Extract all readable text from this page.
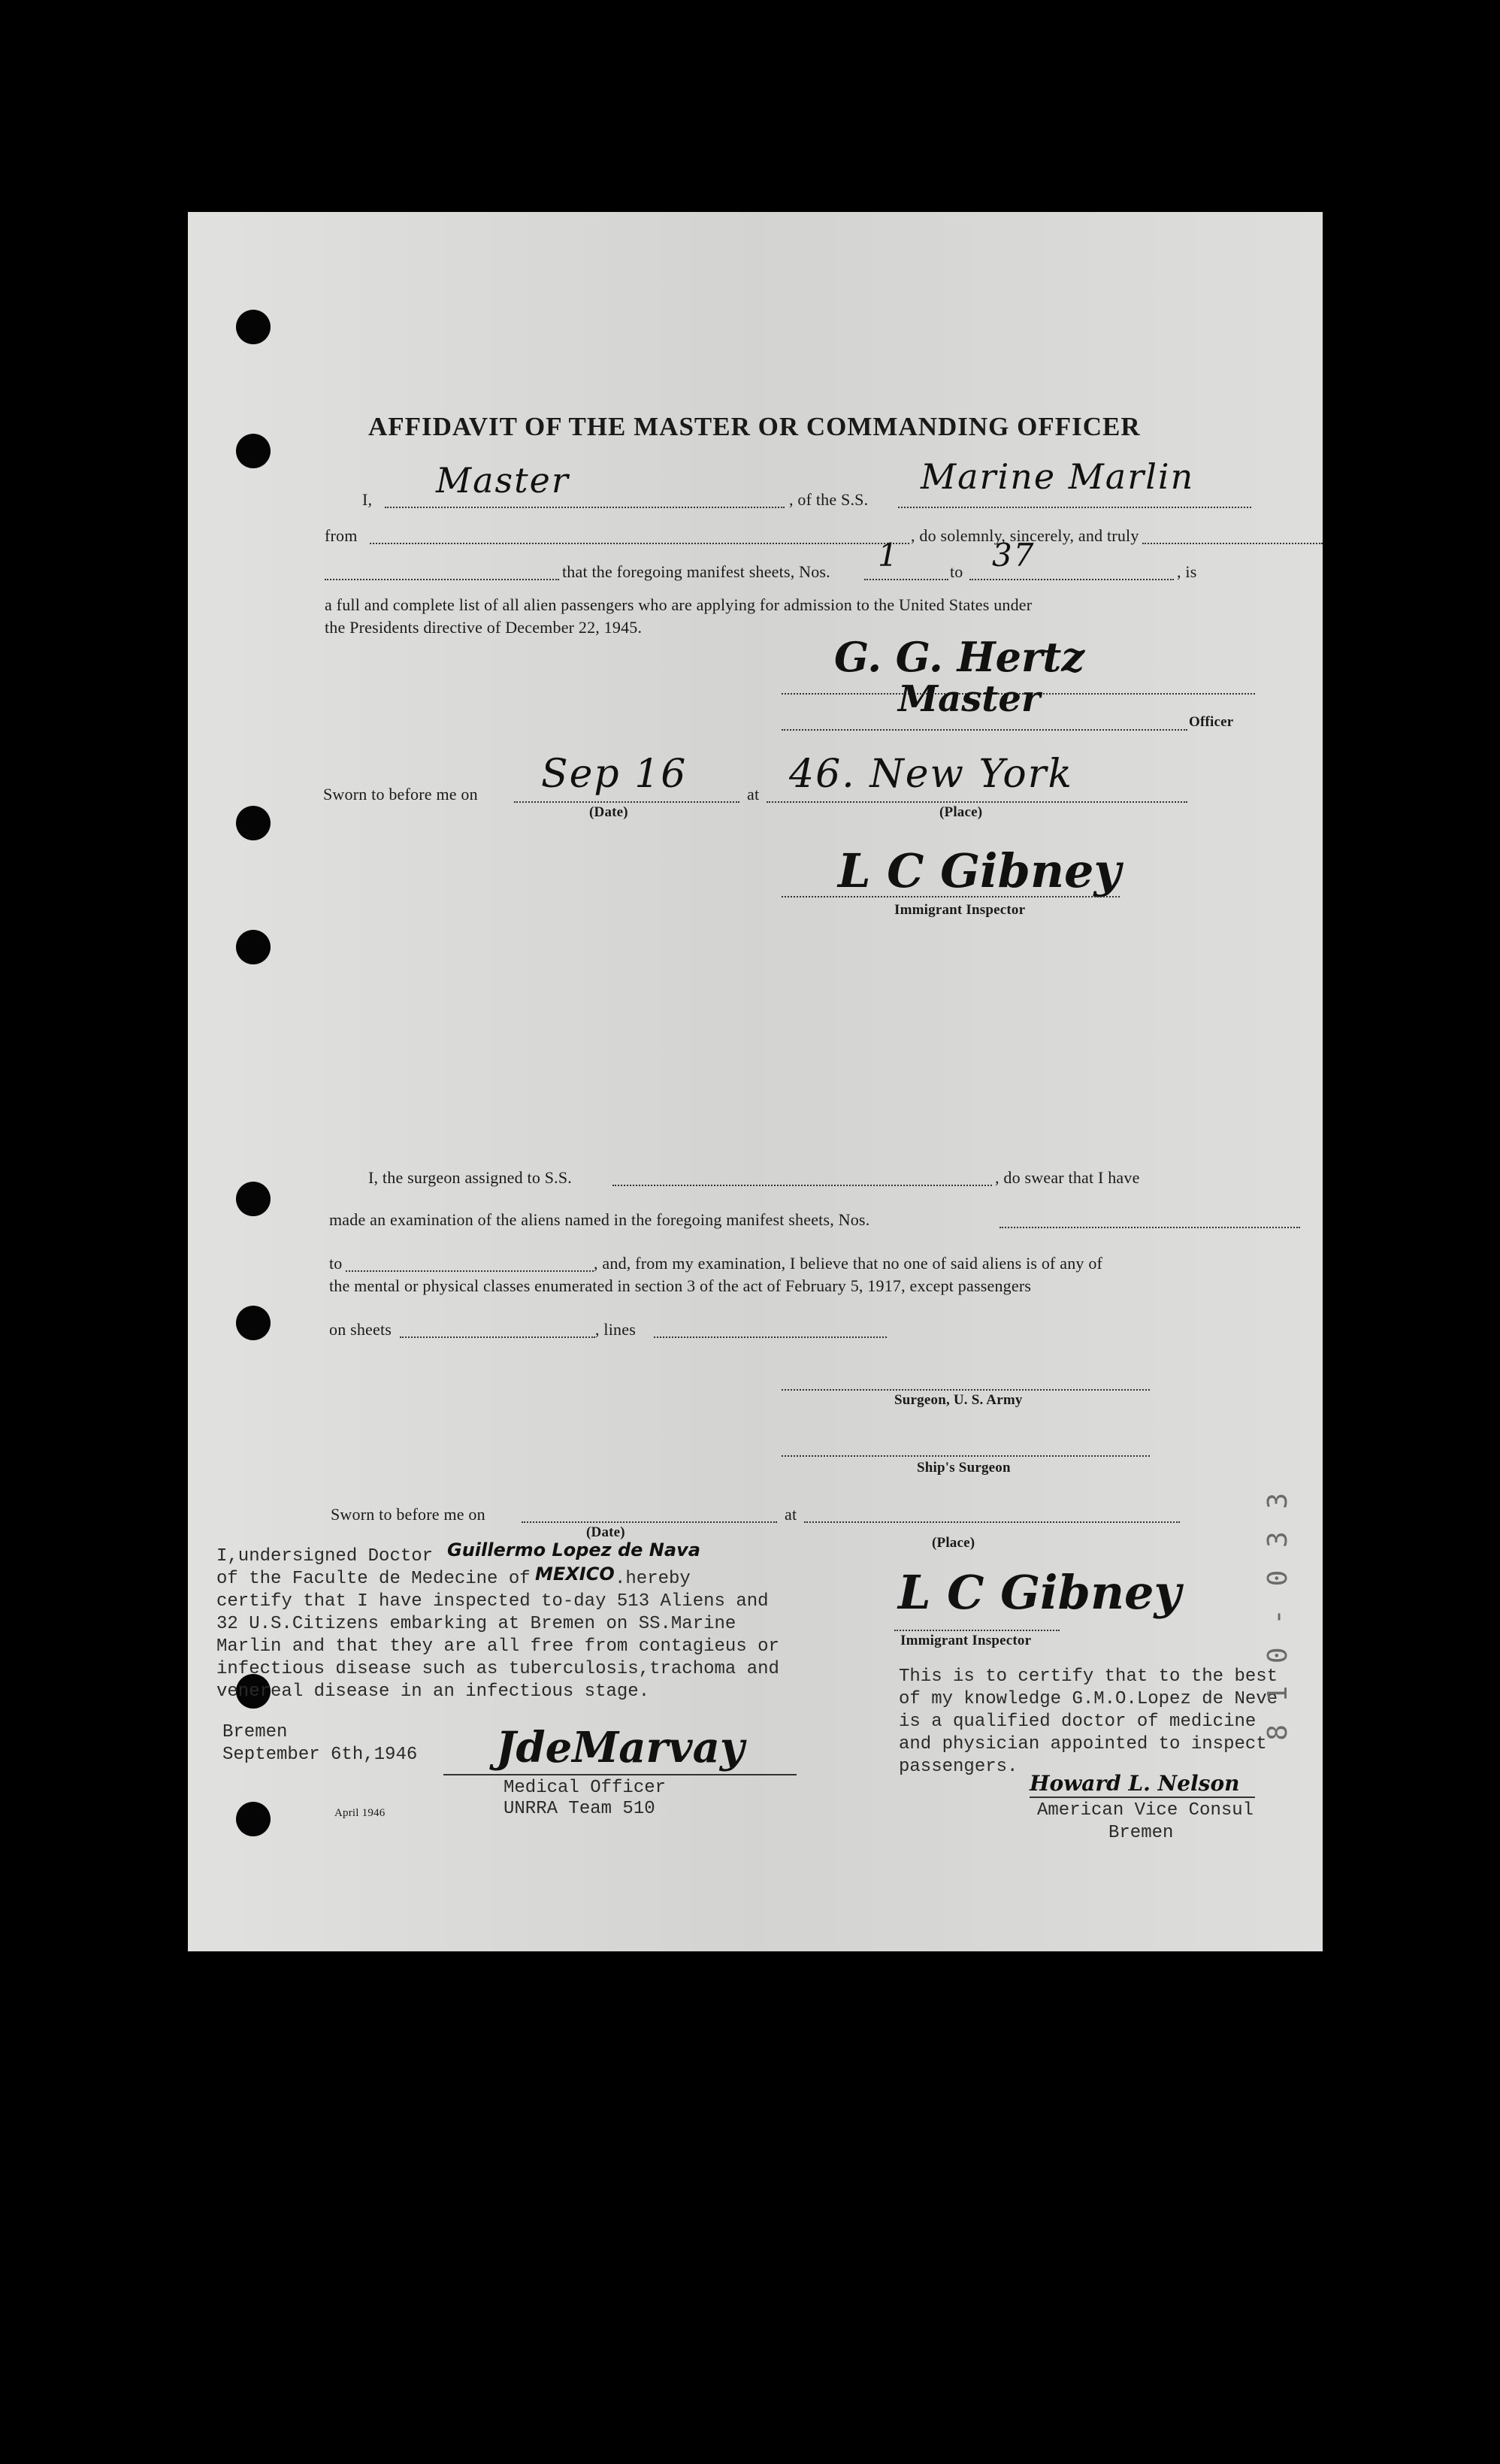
AFFIDAVIT OF THE MASTER OR COMMANDING OFFICER
I, Master	, of the S.S.
Marine Marlin
from	, do solemnly, sincerely, and truly
that the foregoing manifest sheets, Nos. 1	to 37	, is
a full and complete list of all alien passengers who are applying for admission to the United States under
the Presidents directive of December 22, 1945.
G. G. Hertz
Master
Officer
Sworn to before me on Sep 16
(Date)
at 46. New York
(Place)
L C Gibney
Immigrant Inspector
I, the surgeon assigned to S.S.	, do swear that I have
made an examination of the aliens named in the foregoing manifest sheets, Nos.
to	, and, from my examination, I believe that no one of said aliens is of any of
the mental or physical classes enumerated in section 3 of the act of February 5, 1917, except passengers
on sheets	, lines
Surgeon, U. S. Army
Ship's Surgeon
Sworn to before me on	at
(Date)
(Place)
L C Gibney
Immigrant Inspector
I,undersigned Doctor Guillermo Lopez de Nava
of the Faculte de Medecine of MEXICO .hereby
certify that I have inspected to-day 513 Aliens and
32 U.S.Citizens embarking at Bremen on SS.Marine
Marlin and that they are all free from contagieus or
infectious disease such as tuberculosis,trachoma and
venereal disease in an infectious stage.
Bremen
September 6th,1946 JdeMarvay
Medical Officer
UNRRA Team 510
April 1946
This is to certify that to the best
of my knowledge G.M.O.Lopez de Neve
is a qualified doctor of medicine
and physician appointed to inspect
passengers.
Howard L. Nelson
American Vice Consul
Bremen
8 1 0 - 0 3 3
